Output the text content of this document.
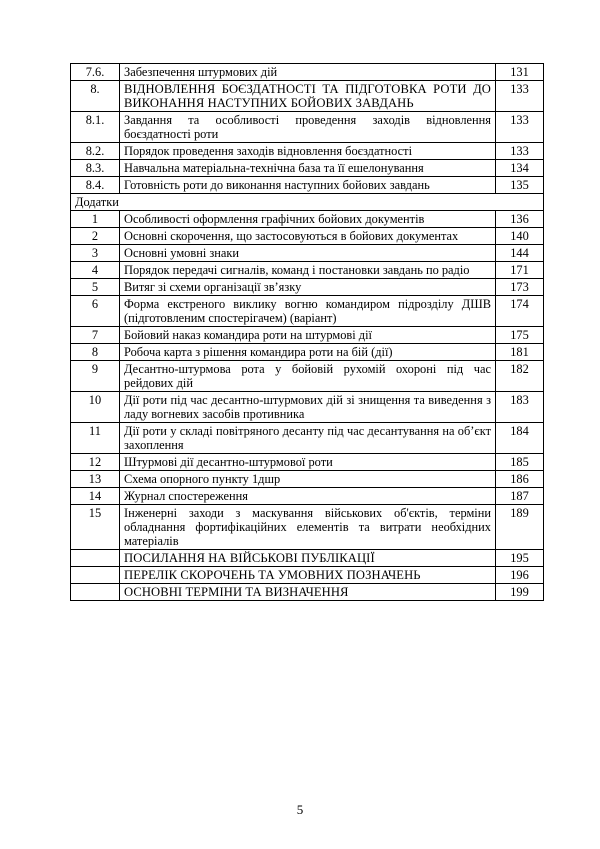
7.6.	Забезпечення штурмових дій	131
8.	ВІДНОВЛЕННЯ БОЄЗДАТНОСТІ ТА ПІДГОТОВКА РОТИ ДО ВИКОНАННЯ НАСТУПНИХ БОЙОВИХ ЗАВДАНЬ	133
8.1.	Завдання та особливості проведення заходів відновлення боєздатності роти	133
8.2.	Порядок проведення заходів відновлення боєздатності	133
8.3.	Навчальна матеріальна-технічна база та її ешелонування	134
8.4.	Готовність роти до виконання наступних бойових завдань	135
Додатки		
1	Особливості оформлення графічних бойових документів	136
2	Основні скорочення, що застосовуються в бойових документах	140
3	Основні умовні знаки	144
4	Порядок передачі сигналів, команд і постановки завдань по радіо	171
5	Витяг зі схеми організації зв’язку	173
6	Форма екстреного виклику вогню командиром підрозділу ДШВ (підготовленим спостерігачем) (варіант)	174
7	Бойовий наказ командира роти на штурмові дії	175
8	Робоча карта з рішення командира роти на бій (дії)	181
9	Десантно-штурмова рота у бойовій рухомій охороні під час рейдових дій	182
10	Дії роти під час десантно-штурмових дій зі знищення та виведення з ладу вогневих засобів противника	183
11	Дії роти у складі повітряного десанту під час десантування на об’єкт захоплення	184
12	Штурмові дії десантно-штурмової роти	185
13	Схема опорного пункту 1дшр	186
14	Журнал спостереження	187
15	Інженерні заходи з маскування військових об'єктів, терміни обладнання фортифікаційних елементів та витрати необхідних матеріалів	189
	ПОСИЛАННЯ НА ВІЙСЬКОВІ ПУБЛІКАЦІЇ	195
	ПЕРЕЛІК СКОРОЧЕНЬ ТА УМОВНИХ ПОЗНАЧЕНЬ	196
	ОСНОВНІ ТЕРМІНИ ТА ВИЗНАЧЕННЯ	199
5
